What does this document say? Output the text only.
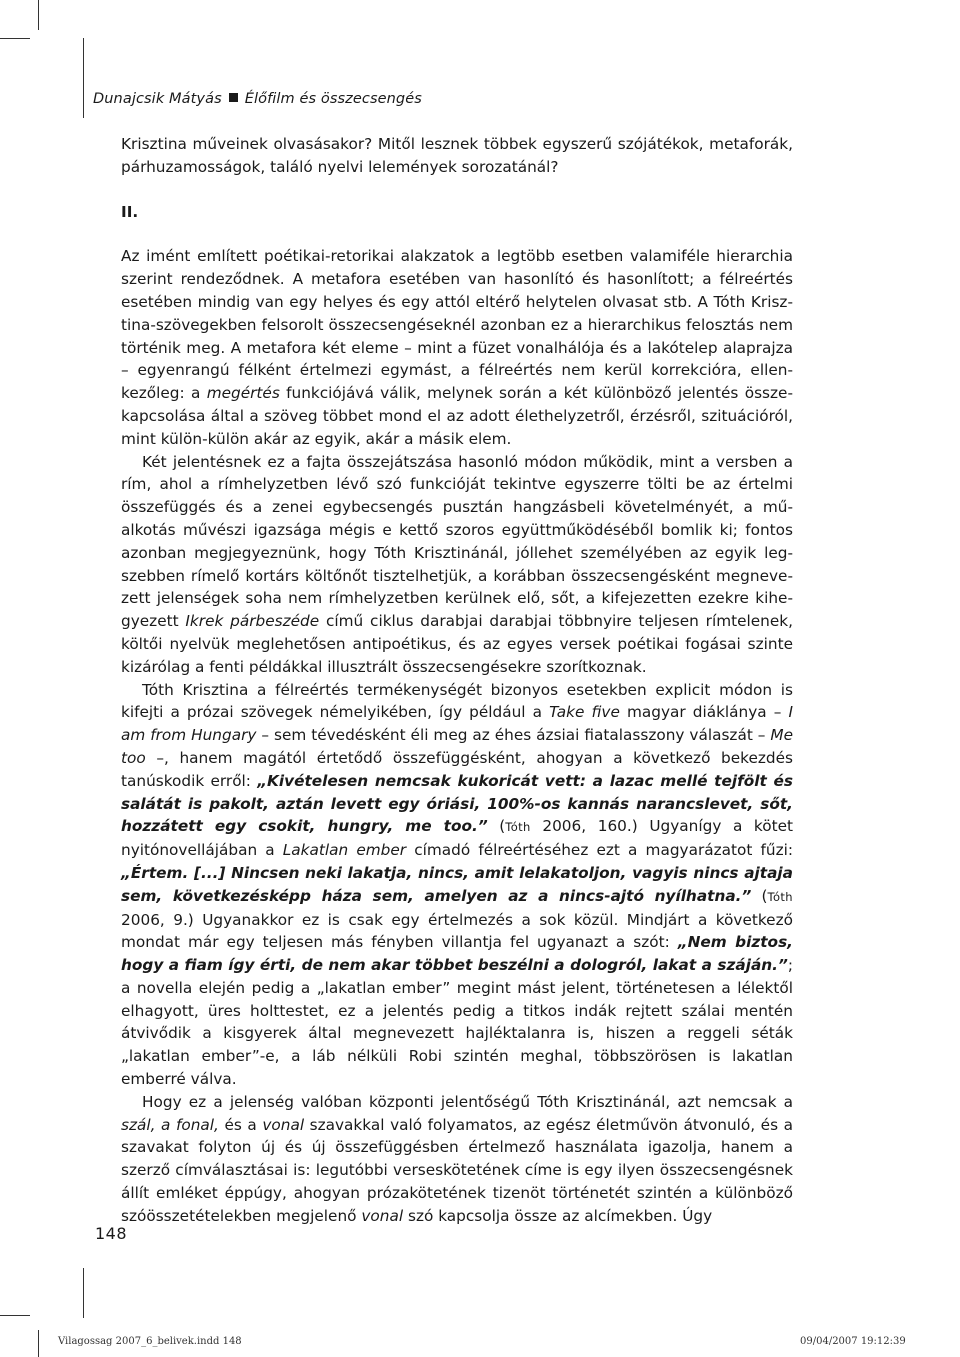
Dunajcsik Mátyás Élőfilm és összecsengés

Krisztina műveinek olvasásakor? Mitől lesznek többek egyszerű szójátékok, metaforák, párhuzamosságok, találó nyelvi lelemények sorozatánál?

II.

Az imént említett poétikai-retorikai alakzatok a legtöbb esetben valamiféle hierarchia szerint rendeződnek. A metafora esetében van hasonlító és hasonlított; a félreértés esetében mindig van egy helyes és egy attól eltérő helytelen olvasat stb. A Tóth Krisztina-szövegekben felsorolt összecsengéseknél azonban ez a hierarchikus felosztás nem történik meg. A metafora két eleme – mint a füzet vonalhálója és a lakótelep alaprajza – egyenrangú félként értelmezi egymást, a félreértés nem kerül korrekcióra, ellenkezőleg: a megértés funkciójává válik, melynek során a két különböző jelentés összekapcsolása által a szöveg többet mond el az adott élethelyzetről, érzésről, szituációról, mint külön-külön akár az egyik, akár a másik elem.

Két jelentésnek ez a fajta összejátszása hasonló módon működik, mint a versben a rím, ahol a rímhelyzetben lévő szó funkcióját tekintve egyszerre tölti be az értelmi összefüggés és a zenei egybecsengés pusztán hangzásbeli követelményét, a műalkotás művészi igazsága mégis e kettő szoros együttműködéséből bomlik ki; fontos azonban megjegyeznünk, hogy Tóth Krisztinánál, jóllehet személyében az egyik legszebben rímelő kortárs költőnőt tisztelhetjük, a korábban összecsengésként megnevezett jelenségek soha nem rímhelyzetben kerülnek elő, sőt, a kifejezetten ezekre kihegyezett Ikrek párbeszéde című ciklus darabjai darabjai többnyire teljesen rímtelenek, költői nyelvük meglehetősen antipoétikus, és az egyes versek poétikai fogásai szinte kizárólag a fenti példákkal illusztrált összecsengésekre szorítkoznak.

Tóth Krisztina a félreértés termékenységét bizonyos esetekben explicit módon is kifejti a prózai szövegek némelyikében, így például a Take five magyar diáklánya – I am from Hungary – sem tévedésként éli meg az éhes ázsiai fiatalasszony válaszát – Me too –, hanem magától értetődő összefüggésként, ahogyan a következő bekezdés tanúskodik erről: „Kivételesen nemcsak kukoricát vett: a lazac mellé tejfölt és salátát is pakolt, aztán levett egy óriási, 100%-os kannás narancslevet, sőt, hozzátett egy csokit, hungry, me too.” (Tóth 2006, 160.) Ugyanígy a kötet nyitónovellájában a Lakatlan ember címadó félreértéséhez ezt a magyarázatot fűzi: „Értem. [...] Nincsen neki lakatja, nincs, amit lelakatoljon, vagyis nincs ajtaja sem, következésképp háza sem, amelyen az a nincs-ajtó nyílhatna.” (Tóth 2006, 9.) Ugyanakkor ez is csak egy értelmezés a sok közül. Mindjárt a következő mondat már egy teljesen más fényben villantja fel ugyanazt a szót: „Nem biztos, hogy a fiam így érti, de nem akar többet beszélni a dologról, lakat a száján.”; a novella elején pedig a „lakatlan ember” megint mást jelent, történetesen a lélektől elhagyott, üres holttestet, ez a jelentés pedig a titkos indák rejtett szálai mentén átvivődik a kisgyerek által megnevezett hajléktalanra is, hiszen a reggeli séták „lakatlan ember”-e, a láb nélküli Robi szintén meghal, többszörösen is lakatlan emberré válva.

Hogy ez a jelenség valóban központi jelentőségű Tóth Krisztinánál, azt nemcsak a szál, a fonal, és a vonal szavakkal való folyamatos, az egész életművön átvonuló, és a szavakat folyton új és új összefüggésben értelmező használata igazolja, hanem a szerző címválasztásai is: legutóbbi verseskötetének címe is egy ilyen összecsengésnek állít emléket éppúgy, ahogyan prózakötetének tizenöt történetét szintén a különböző szóösszetételekben megjelenő vonal szó kapcsolja össze az alcímekben. Úgy

148
Vilagossag 2007_6_belivek.indd 148	09/04/2007 19:12:39
